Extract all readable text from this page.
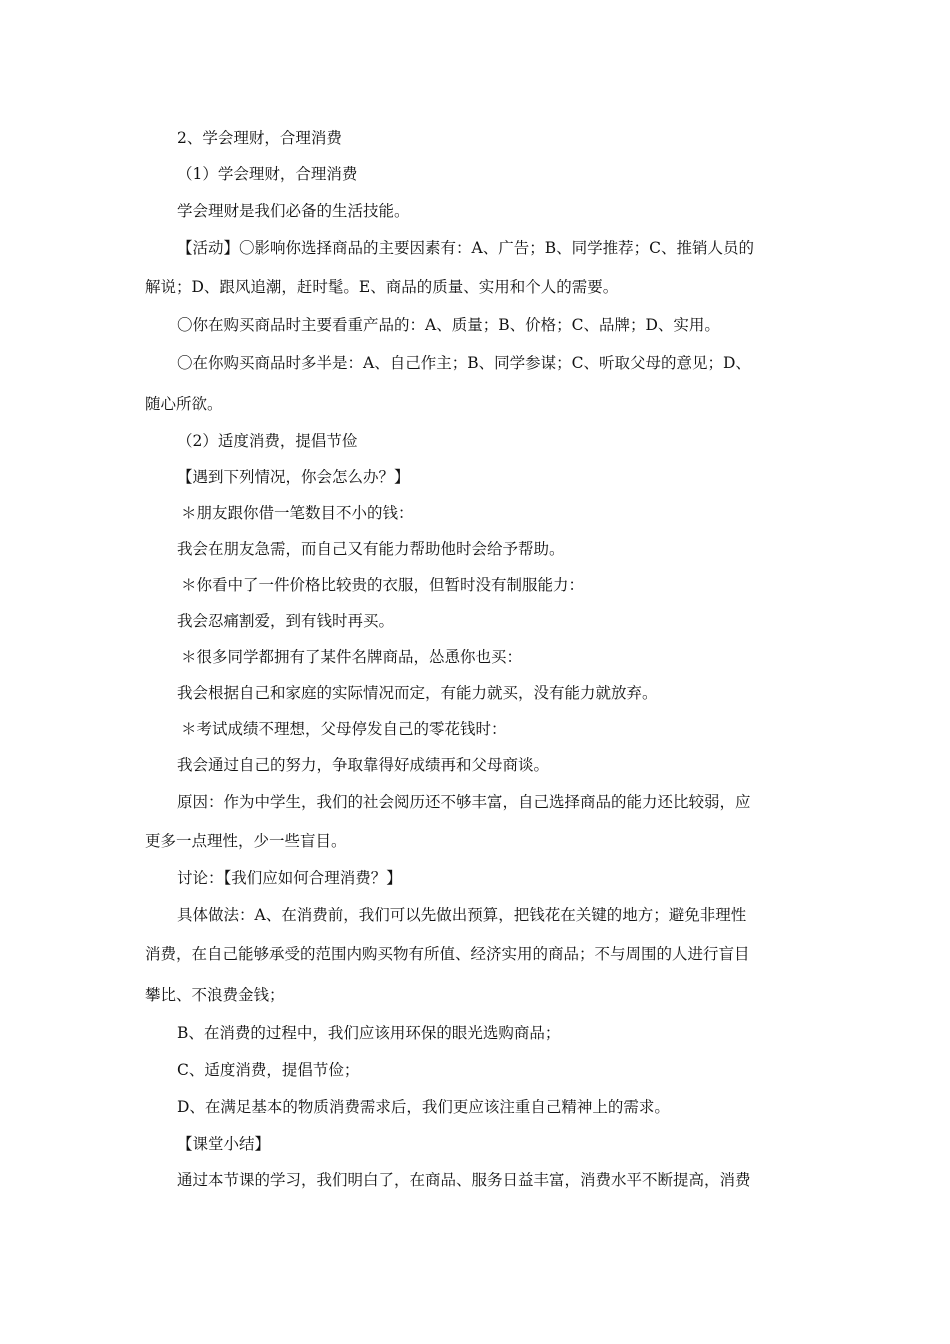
2、学会理财，合理消费
（1）学会理财，合理消费
学会理财是我们必备的生活技能。
【活动】〇影响你选择商品的主要因素有：A、广告；B、同学推荐；C、推销人员的
解说；D、跟风追潮，赶时髦。E、商品的质量、实用和个人的需要。
〇你在购买商品时主要看重产品的：A、质量；B、价格；C、品牌；D、实用。
〇在你购买商品时多半是：A、自己作主；B、同学参谋；C、听取父母的意见；D、
随心所欲。
（2）适度消费，提倡节俭
【遇到下列情况，你会怎么办？】
＊朋友跟你借一笔数目不小的钱：
我会在朋友急需，而自己又有能力帮助他时会给予帮助。
＊你看中了一件价格比较贵的衣服，但暂时没有制服能力：
我会忍痛割爱，到有钱时再买。
＊很多同学都拥有了某件名牌商品，怂恿你也买：
我会根据自己和家庭的实际情况而定，有能力就买，没有能力就放弃。
＊考试成绩不理想，父母停发自己的零花钱时：
我会通过自己的努力，争取靠得好成绩再和父母商谈。
原因：作为中学生，我们的社会阅历还不够丰富，自己选择商品的能力还比较弱，应
更多一点理性，少一些盲目。
讨论：【我们应如何合理消费？】
具体做法：A、在消费前，我们可以先做出预算，把钱花在关键的地方；避免非理性
消费，在自己能够承受的范围内购买物有所值、经济实用的商品；不与周围的人进行盲目
攀比、不浪费金钱；
B、在消费的过程中，我们应该用环保的眼光选购商品；
C、适度消费，提倡节俭；
D、在满足基本的物质消费需求后，我们更应该注重自己精神上的需求。
【课堂小结】
通过本节课的学习，我们明白了，在商品、服务日益丰富，消费水平不断提高，消费
